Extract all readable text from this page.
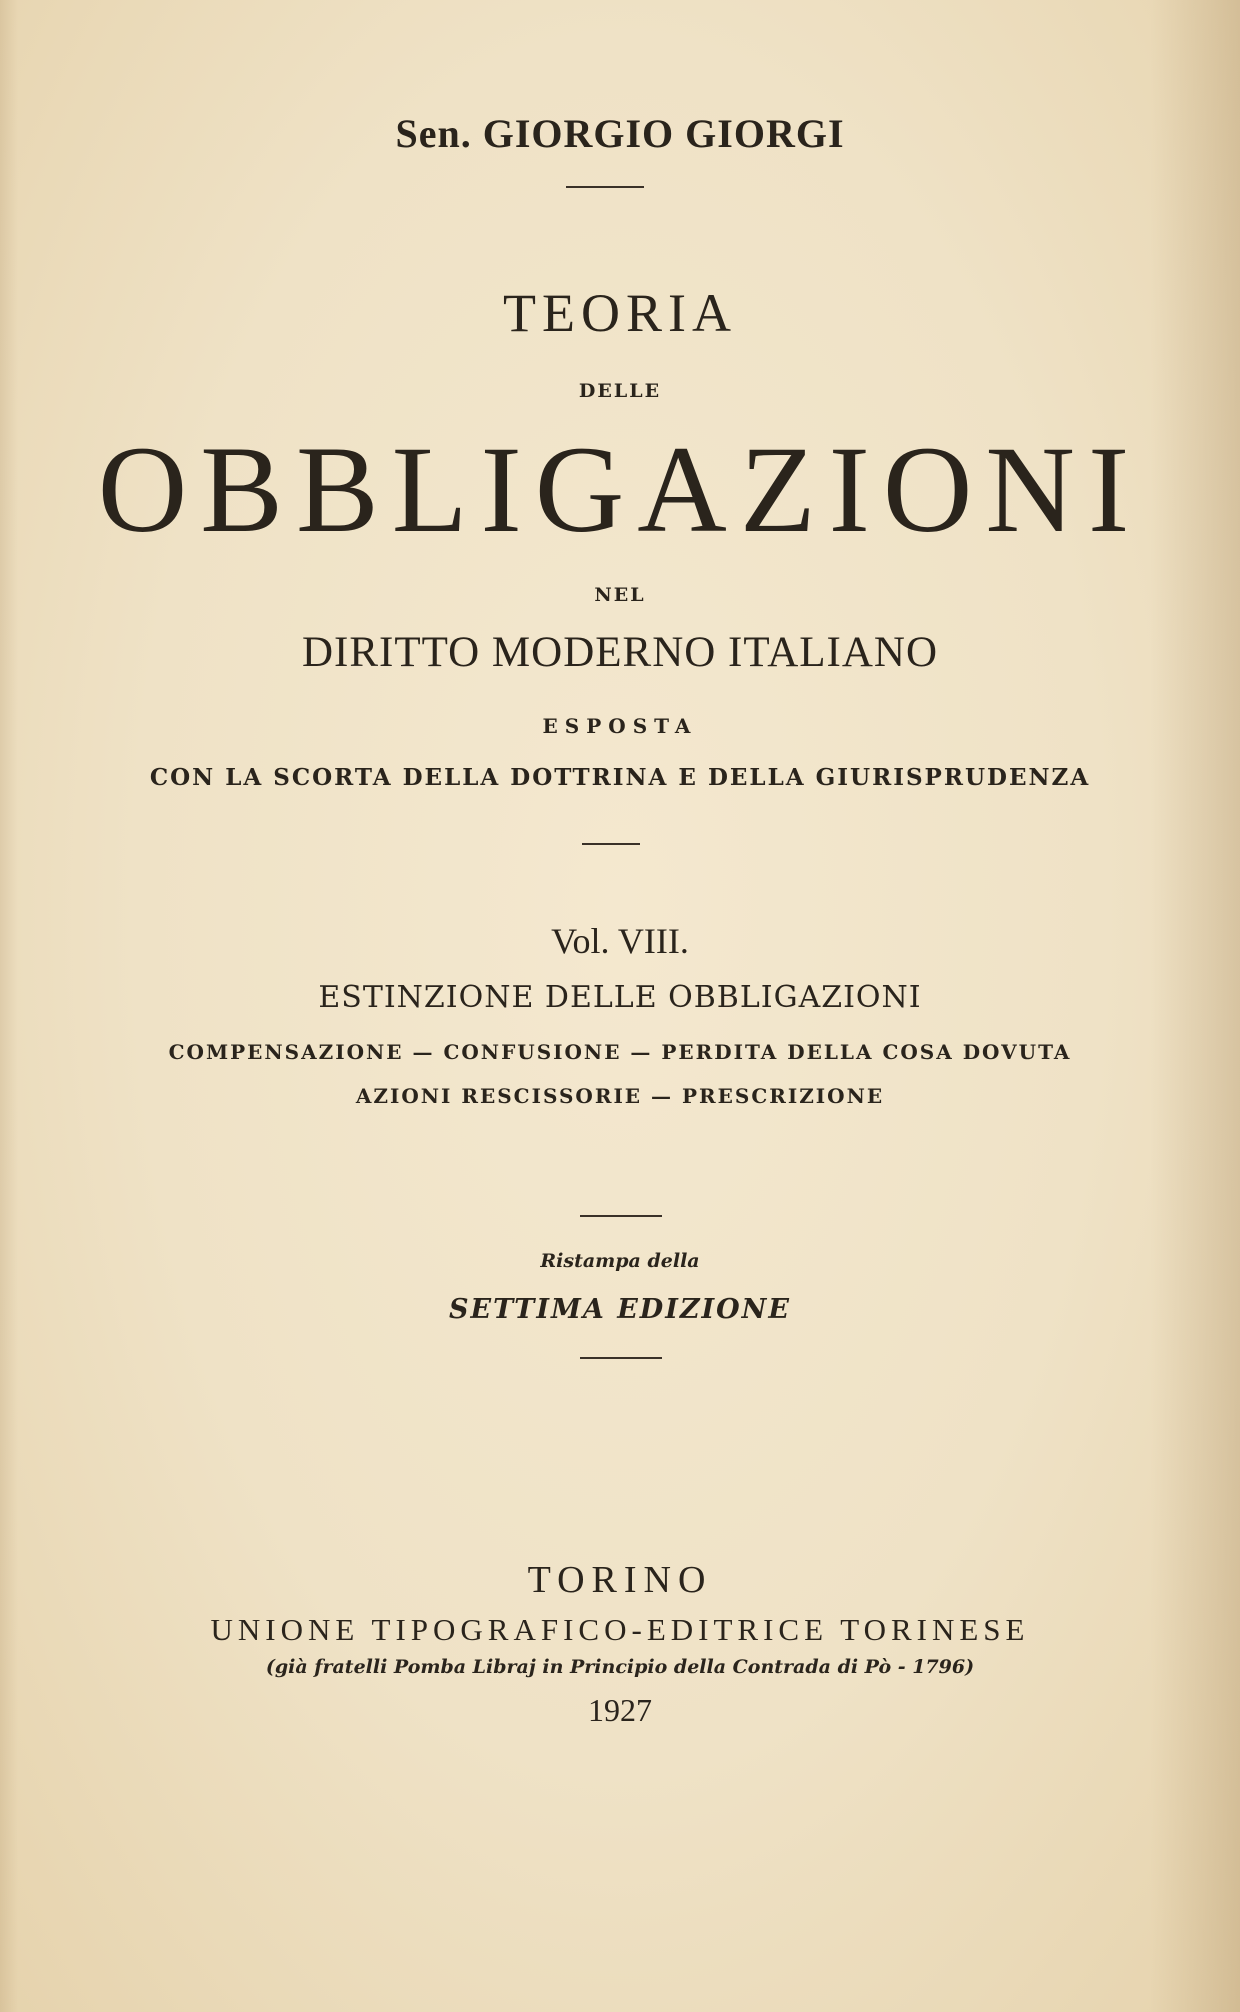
Sen. GIORGIO GIORGI
TEORIA
DELLE
OBBLIGAZIONI
NEL
DIRITTO MODERNO ITALIANO
ESPOSTA
CON LA SCORTA DELLA DOTTRINA E DELLA GIURISPRUDENZA
Vol. VIII.
ESTINZIONE DELLE OBBLIGAZIONI
COMPENSAZIONE — CONFUSIONE — PERDITA DELLA COSA DOVUTA
AZIONI RESCISSORIE — PRESCRIZIONE
Ristampa della
SETTIMA EDIZIONE
TORINO
UNIONE TIPOGRAFICO-EDITRICE TORINESE
(già fratelli Pomba Libraj in Principio della Contrada di Pò - 1796)
1927
